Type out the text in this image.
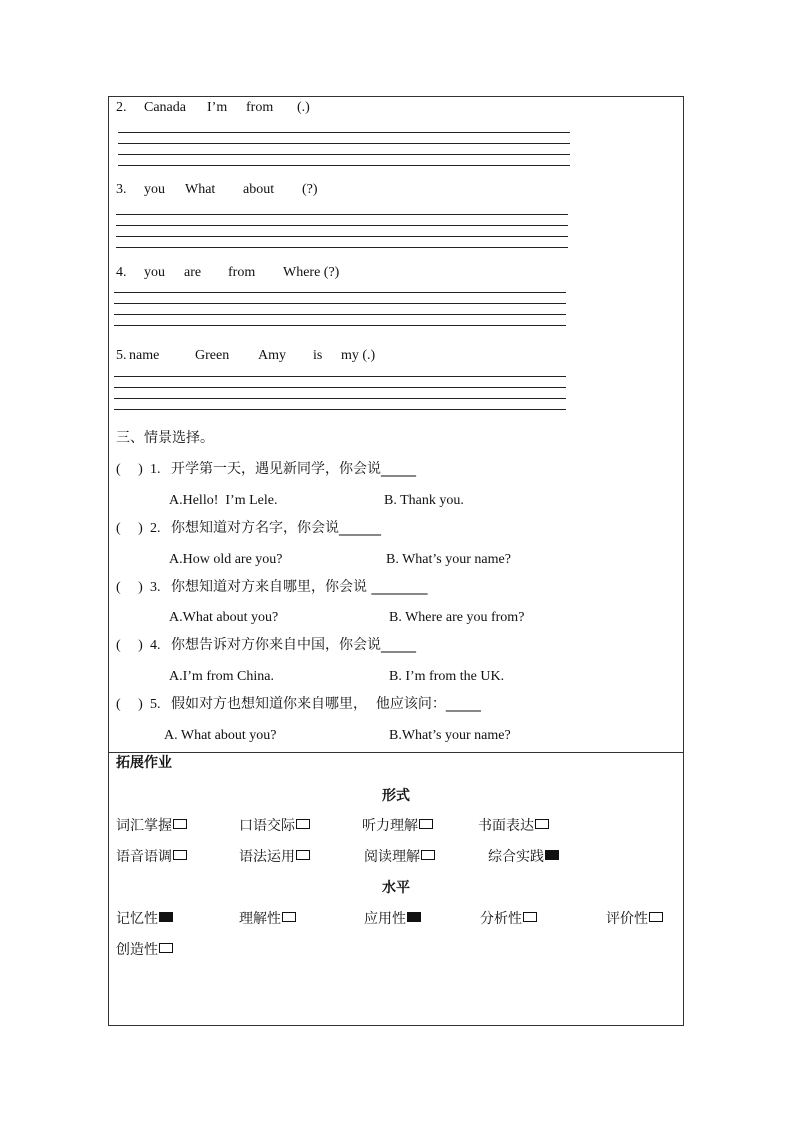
2. Canada I’m from (.)
3. you What about (?)
4. you are from Where (?)
5. name	Green Amy is my (.)
三、情景选择。
(     ) 1. 开学第一天，遇见新同学，你会说_____
A.Hello!  I’m Lele.	B. Thank you.
(     ) 2. 你想知道对方名字，你会说______
A.How old are you?	B. What’s your name?
(     ) 3. 你想知道对方来自哪里，你会说 ________
A.What about you?	B. Where are you from?
(     ) 4. 你想告诉对方你来自中国，你会说_____
A.I’m from China.	B. I’m from the UK.
(     ) 5. 假如对方也想知道你来自哪里，  他应该问：_____
A. What about you?	B.What’s your name?
拓展作业
形式
词汇掌握	口语交际	听力理解	书面表达
语音语调	语法运用	阅读理解	综合实践
水平
记忆性	理解性	应用性	分析性	评价性
创造性
